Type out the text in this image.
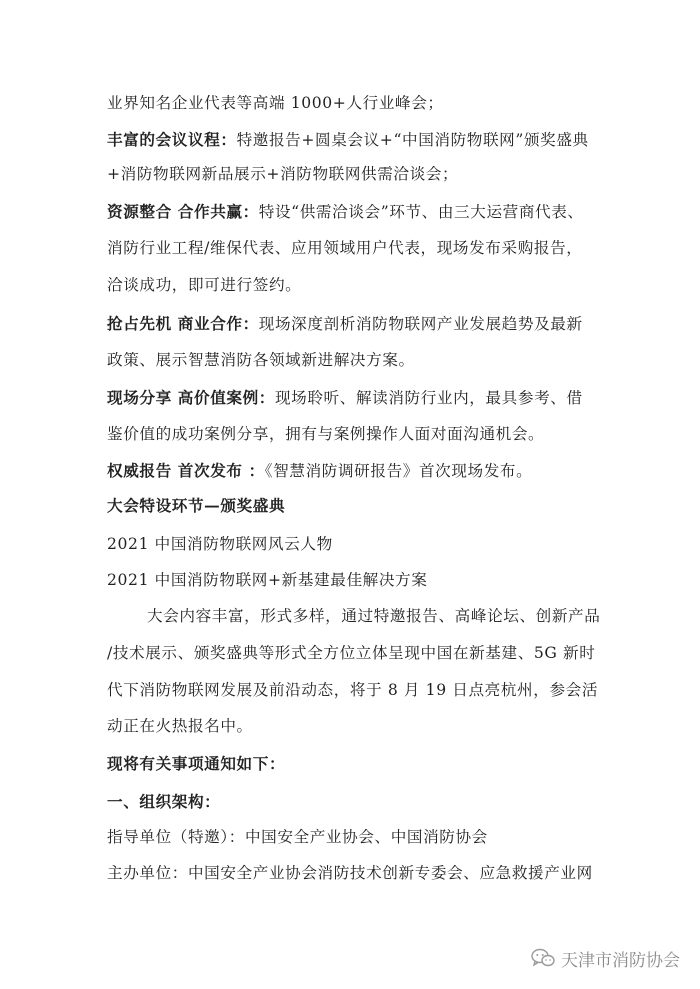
业界知名企业代表等高端 1000+人行业峰会；
丰富的会议议程：特邀报告+圆桌会议+“中国消防物联网”颁奖盛典
+消防物联网新品展示+消防物联网供需洽谈会；
资源整合 合作共赢：特设“供需洽谈会”环节、由三大运营商代表、
消防行业工程/维保代表、应用领域用户代表，现场发布采购报告，
洽谈成功，即可进行签约。
抢占先机 商业合作：现场深度剖析消防物联网产业发展趋势及最新
政策、展示智慧消防各领域新进解决方案。
现场分享 高价值案例：现场聆听、解读消防行业内，最具参考、借
鉴价值的成功案例分享，拥有与案例操作人面对面沟通机会。
权威报告 首次发布 ：《智慧消防调研报告》首次现场发布。
大会特设环节—颁奖盛典
2021 中国消防物联网风云人物
2021 中国消防物联网+新基建最佳解决方案
大会内容丰富，形式多样，通过特邀报告、高峰论坛、创新产品
/技术展示、颁奖盛典等形式全方位立体呈现中国在新基建、5G 新时
代下消防物联网发展及前沿动态，将于 8 月 19 日点亮杭州，参会活
动正在火热报名中。
现将有关事项通知如下：
一、组织架构：
指导单位（特邀）：中国安全产业协会、中国消防协会
主办单位：中国安全产业协会消防技术创新专委会、应急救援产业网
天津市消防协会
